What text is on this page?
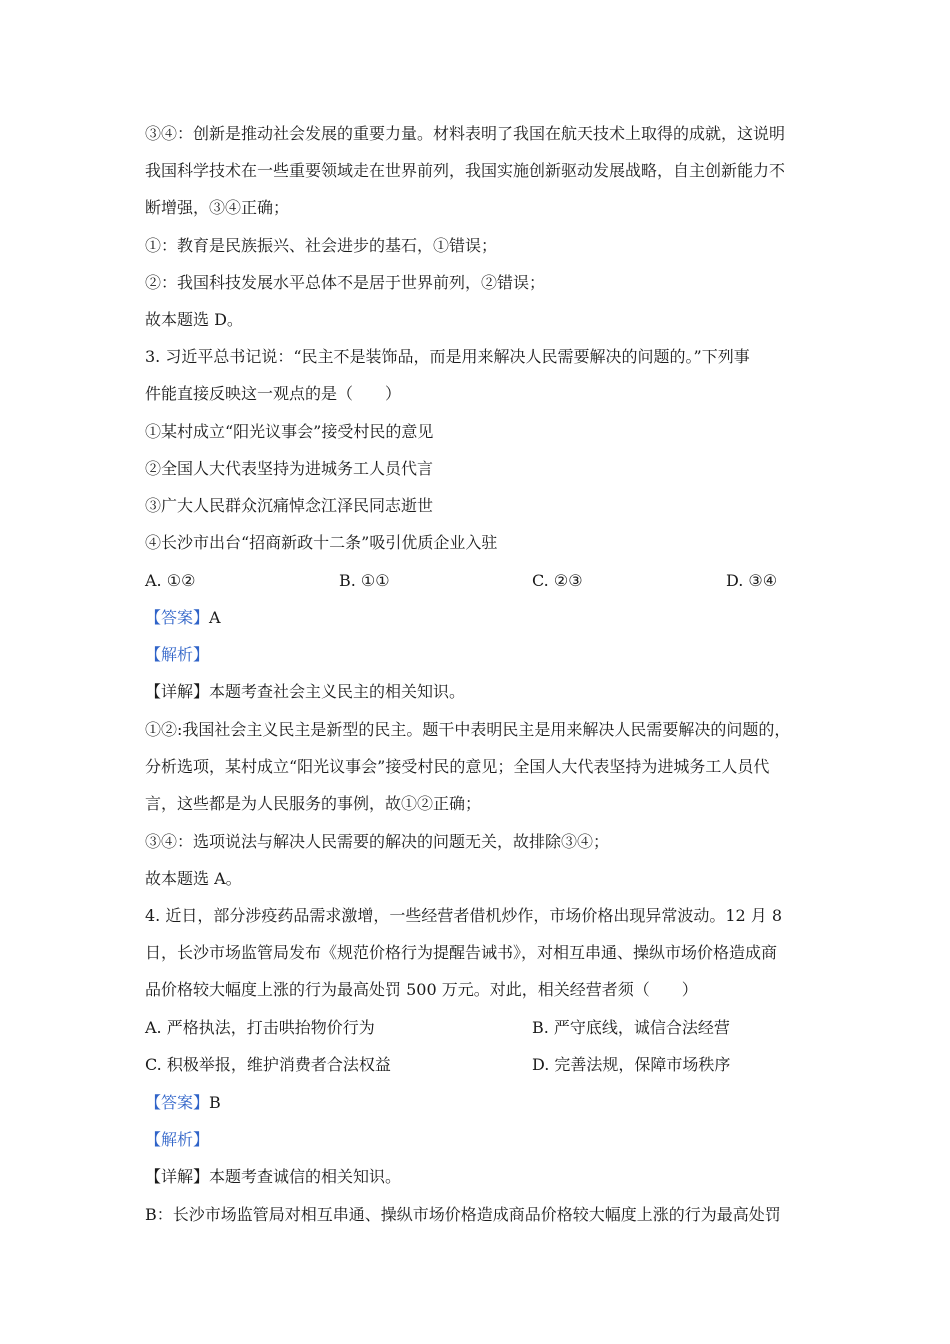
③④：创新是推动社会发展的重要力量。材料表明了我国在航天技术上取得的成就，这说明
我国科学技术在一些重要领域走在世界前列，我国实施创新驱动发展战略，自主创新能力不
断增强，③④正确；
①：教育是民族振兴、社会进步的基石，①错误；
②：我国科技发展水平总体不是居于世界前列，②错误；
故本题选 D。
3. 习近平总书记说：“民主不是装饰品，而是用来解决人民需要解决的问题的。”下列事
件能直接反映这一观点的是（　　）
①某村成立“阳光议事会”接受村民的意见
②全国人大代表坚持为进城务工人员代言
③广大人民群众沉痛悼念江泽民同志逝世
④长沙市出台“招商新政十二条”吸引优质企业入驻
A. ①②	B. ①①	C. ②③	D. ③④
【答案】A
【解析】
【详解】本题考查社会主义民主的相关知识。
①②:我国社会主义民主是新型的民主。题干中表明民主是用来解决人民需要解决的问题的，
分析选项，某村成立“阳光议事会”接受村民的意见；全国人大代表坚持为进城务工人员代
言，这些都是为人民服务的事例，故①②正确；
③④：选项说法与解决人民需要的解决的问题无关，故排除③④；
故本题选 A。
4. 近日，部分涉疫药品需求激增，一些经营者借机炒作，市场价格出现异常波动。12 月 8
日，长沙市场监管局发布《规范价格行为提醒告诫书》，对相互串通、操纵市场价格造成商
品价格较大幅度上涨的行为最高处罚 500 万元。对此，相关经营者须（　　）
A. 严格执法，打击哄抬物价行为	B. 严守底线，诚信合法经营
C. 积极举报，维护消费者合法权益	D. 完善法规，保障市场秩序
【答案】B
【解析】
【详解】本题考查诚信的相关知识。
B：长沙市场监管局对相互串通、操纵市场价格造成商品价格较大幅度上涨的行为最高处罚
